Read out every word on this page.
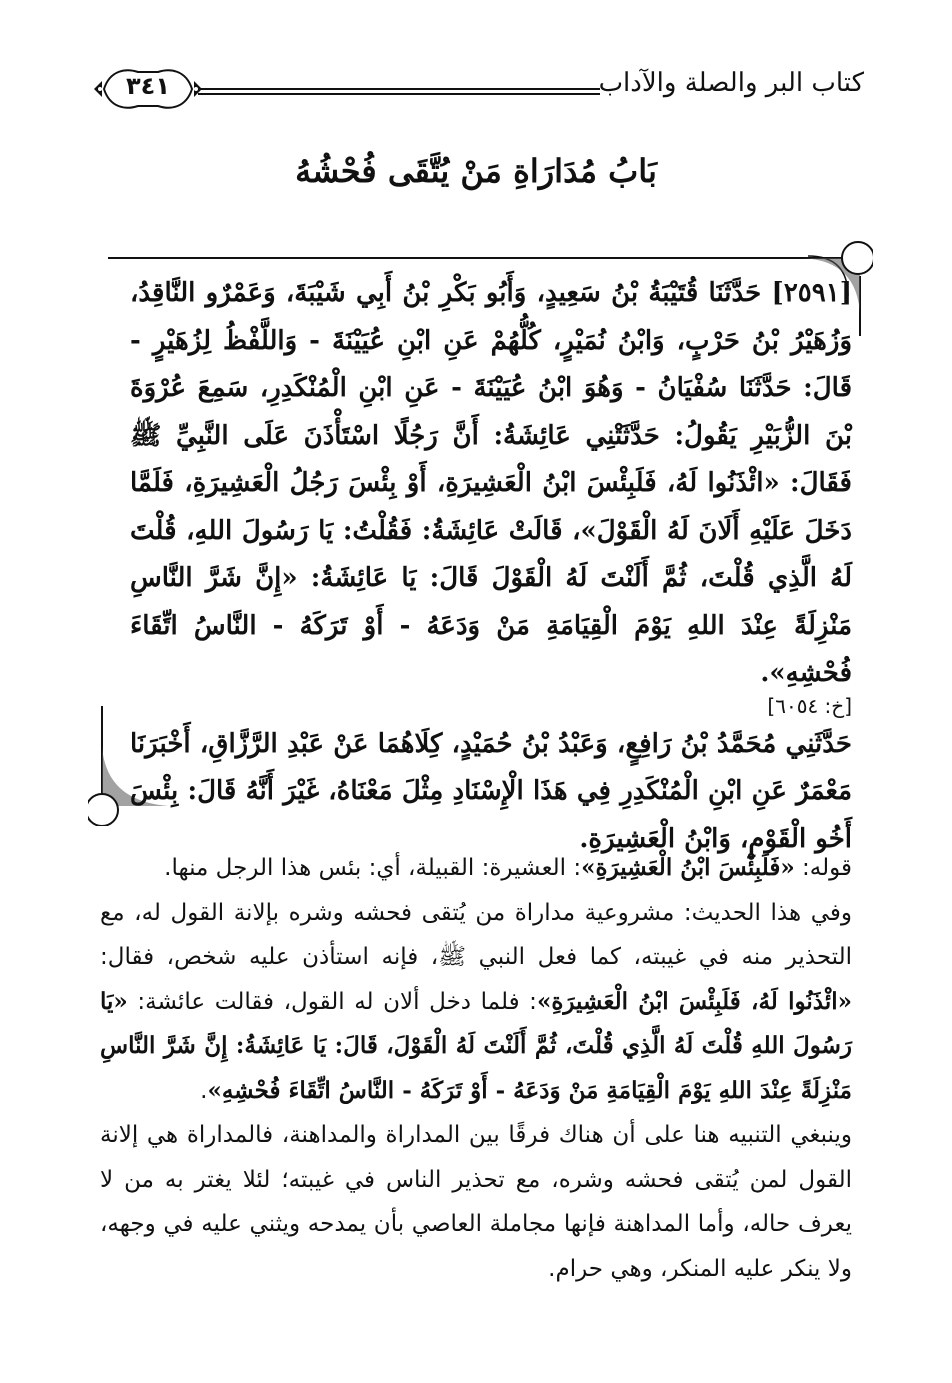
كتاب البر والصلة والآداب
٣٤١
بَابُ مُدَارَاةِ مَنْ يُتَّقَى فُحْشُهُ

[٢٥٩١] حَدَّثَنَا قُتَيْبَةُ بْنُ سَعِيدٍ، وَأَبُو بَكْرِ بْنُ أَبِي شَيْبَةَ، وَعَمْرٌو النَّاقِدُ، وَزُهَيْرُ بْنُ حَرْبٍ، وَابْنُ نُمَيْرٍ، كُلُّهُمْ عَنِ ابْنِ عُيَيْنَةَ - وَاللَّفْظُ لِزُهَيْرٍ - قَالَ: حَدَّثَنَا سُفْيَانُ - وَهُوَ ابْنُ عُيَيْنَةَ - عَنِ ابْنِ الْمُنْكَدِرِ، سَمِعَ عُرْوَةَ بْنَ الزُّبَيْرِ يَقُولُ: حَدَّثَتْنِي عَائِشَةُ: أَنَّ رَجُلًا اسْتَأْذَنَ عَلَى النَّبِيِّ ﷺ فَقَالَ: «ائْذَنُوا لَهُ، فَلَبِئْسَ ابْنُ الْعَشِيرَةِ، أَوْ بِئْسَ رَجُلُ الْعَشِيرَةِ، فَلَمَّا دَخَلَ عَلَيْهِ أَلَانَ لَهُ الْقَوْلَ»، قَالَتْ عَائِشَةُ: فَقُلْتُ: يَا رَسُولَ اللهِ، قُلْتَ لَهُ الَّذِي قُلْتَ، ثُمَّ أَلَنْتَ لَهُ الْقَوْلَ قَالَ: يَا عَائِشَةُ: «إِنَّ شَرَّ النَّاسِ مَنْزِلَةً عِنْدَ اللهِ يَوْمَ الْقِيَامَةِ مَنْ وَدَعَهُ - أَوْ تَرَكَهُ - النَّاسُ اتِّقَاءَ فُحْشِهِ».

[خ: ٦٠٥٤]

حَدَّثَنِي مُحَمَّدُ بْنُ رَافِعٍ، وَعَبْدُ بْنُ حُمَيْدٍ، كِلَاهُمَا عَنْ عَبْدِ الرَّزَّاقِ، أَخْبَرَنَا مَعْمَرٌ عَنِ ابْنِ الْمُنْكَدِرِ فِي هَذَا الْإِسْنَادِ مِثْلَ مَعْنَاهُ، غَيْرَ أَنَّهُ قَالَ: بِئْسَ أَخُو الْقَوْمِ، وَابْنُ الْعَشِيرَةِ.

قوله: «فَلَبِئْسَ ابْنُ الْعَشِيرَةِ»: العشيرة: القبيلة، أي: بئس هذا الرجل منها.

وفي هذا الحديث: مشروعية مداراة من يُتقى فحشه وشره بإلانة القول له، مع التحذير منه في غيبته، كما فعل النبي ﷺ، فإنه استأذن عليه شخص، فقال: «ائْذَنُوا لَهُ، فَلَبِئْسَ ابْنُ الْعَشِيرَةِ»: فلما دخل ألان له القول، فقالت عائشة: «يَا رَسُولَ اللهِ قُلْتَ لَهُ الَّذِي قُلْتَ، ثُمَّ أَلَنْتَ لَهُ الْقَوْلَ، قَالَ: يَا عَائِشَةُ: إِنَّ شَرَّ النَّاسِ مَنْزِلَةً عِنْدَ اللهِ يَوْمَ الْقِيَامَةِ مَنْ وَدَعَهُ - أَوْ تَرَكَهُ - النَّاسُ اتِّقَاءَ فُحْشِهِ».

وينبغي التنبيه هنا على أن هناك فرقًا بين المداراة والمداهنة، فالمداراة هي إلانة القول لمن يُتقى فحشه وشره، مع تحذير الناس في غيبته؛ لئلا يغتر به من لا يعرف حاله، وأما المداهنة فإنها مجاملة العاصي بأن يمدحه ويثني عليه في وجهه، ولا ينكر عليه المنكر، وهي حرام.
